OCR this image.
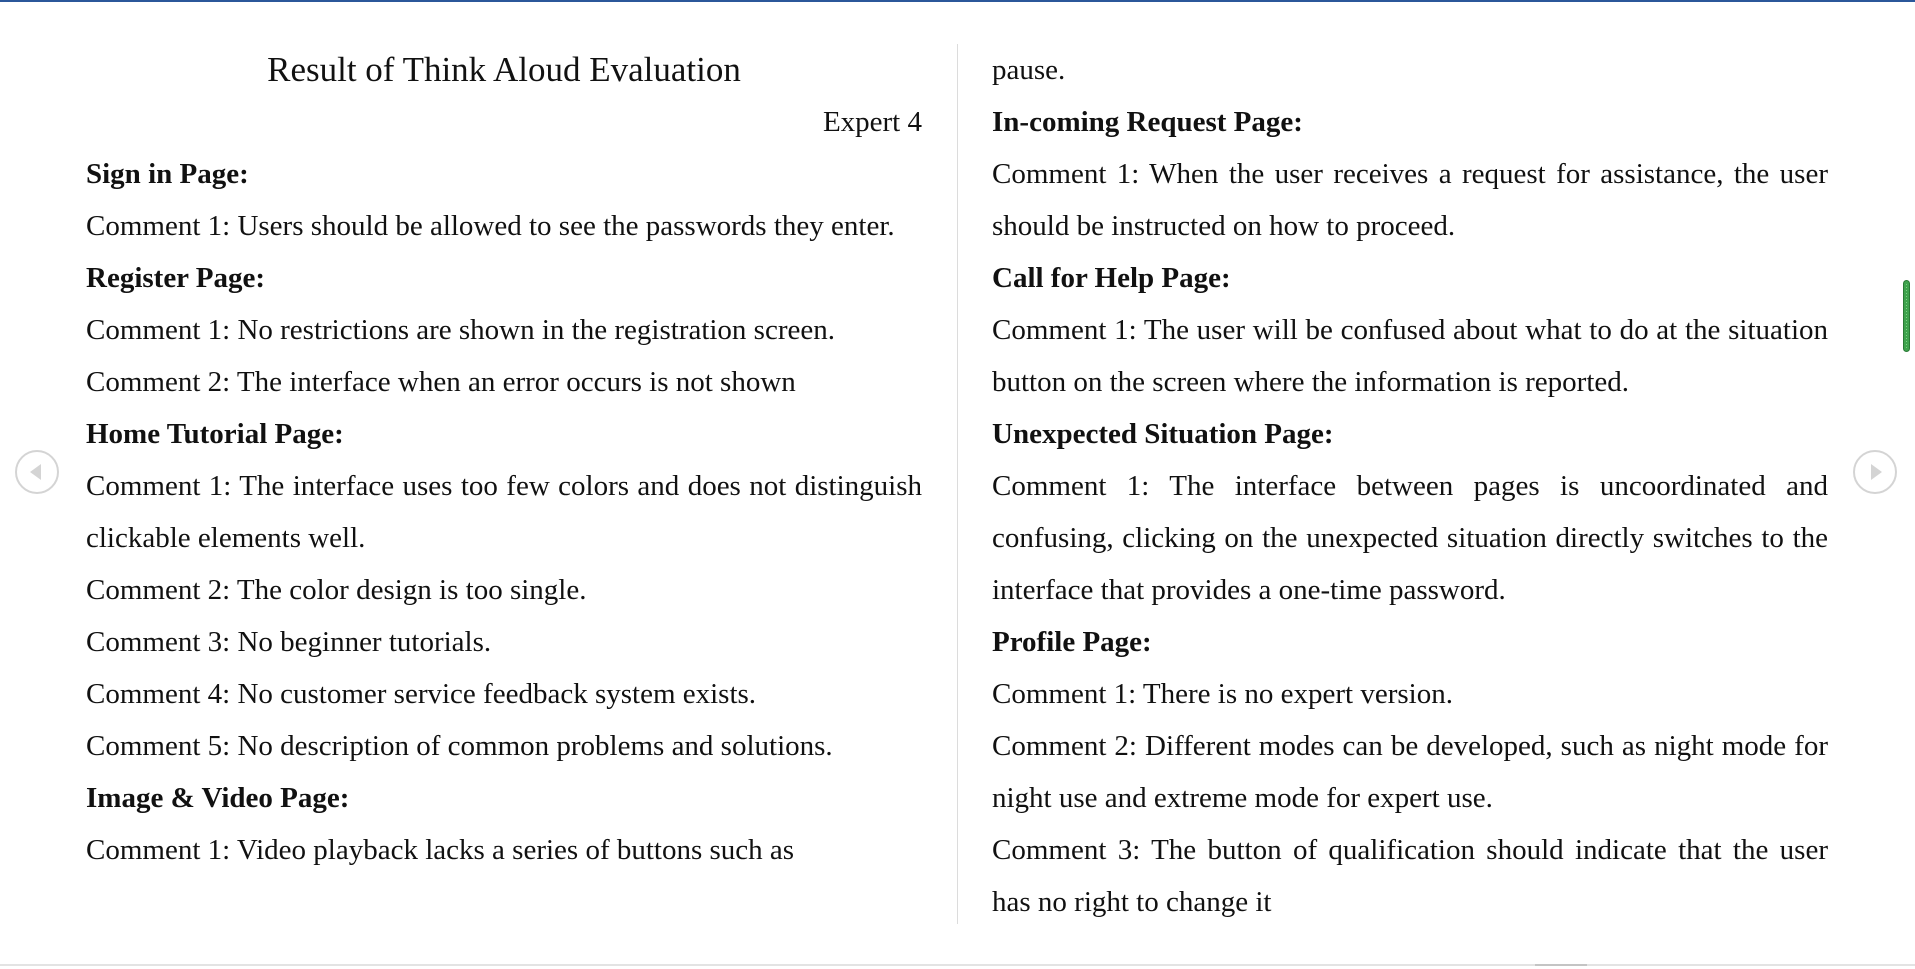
Result of Think Aloud Evaluation
Expert 4

Sign in Page:

Comment 1: Users should be allowed to see the passwords they enter.

Register Page:

Comment 1: No restrictions are shown in the registration screen.

Comment 2: The interface when an error occurs is not shown

Home Tutorial Page:

Comment 1: The interface uses too few colors and does not distinguish clickable elements well.

Comment 2: The color design is too single.

Comment 3: No beginner tutorials.

Comment 4: No customer service feedback system exists.

Comment 5: No description of common problems and solutions.

Image & Video Page:

Comment 1: Video playback lacks a series of buttons such as

pause.

In-coming Request Page:

Comment 1: When the user receives a request for assistance, the user should be instructed on how to proceed.

Call for Help Page:

Comment 1: The user will be confused about what to do at the situation button on the screen where the information is reported.

Unexpected Situation Page:

Comment 1: The interface between pages is uncoordinated and confusing, clicking on the unexpected situation directly switches to the interface that provides a one-time password.

Profile Page:

Comment 1: There is no expert version.

Comment 2: Different modes can be developed, such as night mode for night use and extreme mode for expert use.

Comment 3: The button of qualification should indicate that the user has no right to change it
